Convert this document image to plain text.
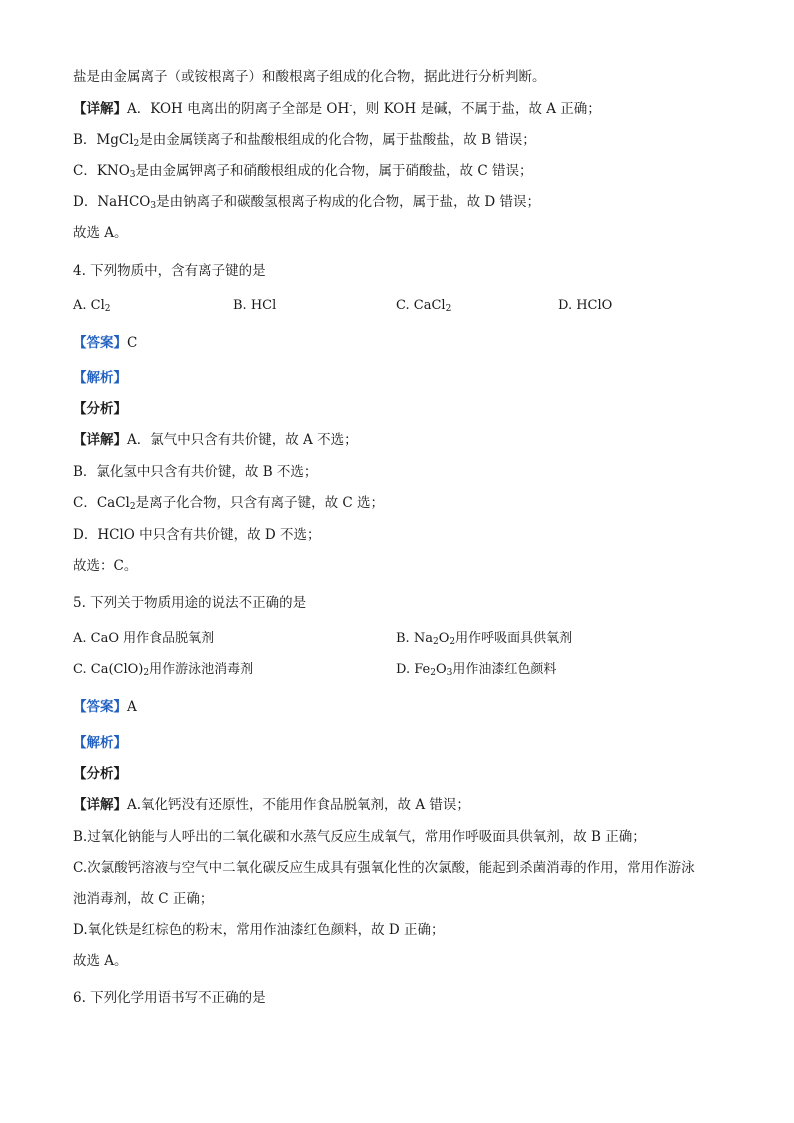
盐是由金属离子（或铵根离子）和酸根离子组成的化合物，据此进行分析判断。
【详解】A．KOH 电离出的阴离子全部是 OH-，则 KOH 是碱，不属于盐，故 A 正确；
B．MgCl$_2$是由金属镁离子和盐酸根组成的化合物，属于盐酸盐，故 B 错误；
C．$KNO_3$是由金属钾离子和硝酸根组成的化合物，属于硝酸盐，故 C 错误；
D．NaHCO$_3$是由钠离子和碳酸氢根离子构成的化合物，属于盐，故 D 错误；
故选 A。
4. 下列物质中，含有离子键的是
A. $Cl_2$	B. HCl	C. CaCl$_2$	D. HClO
【答案】C
【解析】
【分析】
【详解】A．氯气中只含有共价键，故 A 不选；
B．氯化氢中只含有共价键，故 B 不选；
C．CaCl$_2$是离子化合物，只含有离子键，故 C 选；
D．HClO 中只含有共价键，故 D 不选；
故选：C。
5. 下列关于物质用途的说法不正确的是
A. CaO 用作食品脱氧剂	B. $Na_2O_2$用作呼吸面具供氧剂
C. $Ca(ClO)_2$用作游泳池消毒剂	D. $Fe_2O_3$用作油漆红色颜料
【答案】A
【解析】
【分析】
【详解】A.氧化钙没有还原性，不能用作食品脱氧剂，故 A 错误；
B.过氧化钠能与人呼出的二氧化碳和水蒸气反应生成氧气，常用作呼吸面具供氧剂，故 B 正确；
C.次氯酸钙溶液与空气中二氧化碳反应生成具有强氧化性的次氯酸，能起到杀菌消毒的作用，常用作游泳
池消毒剂，故 C 正确；
D.氧化铁是红棕色的粉末，常用作油漆红色颜料，故 D 正确；
故选 A。
6. 下列化学用语书写不正确的是
